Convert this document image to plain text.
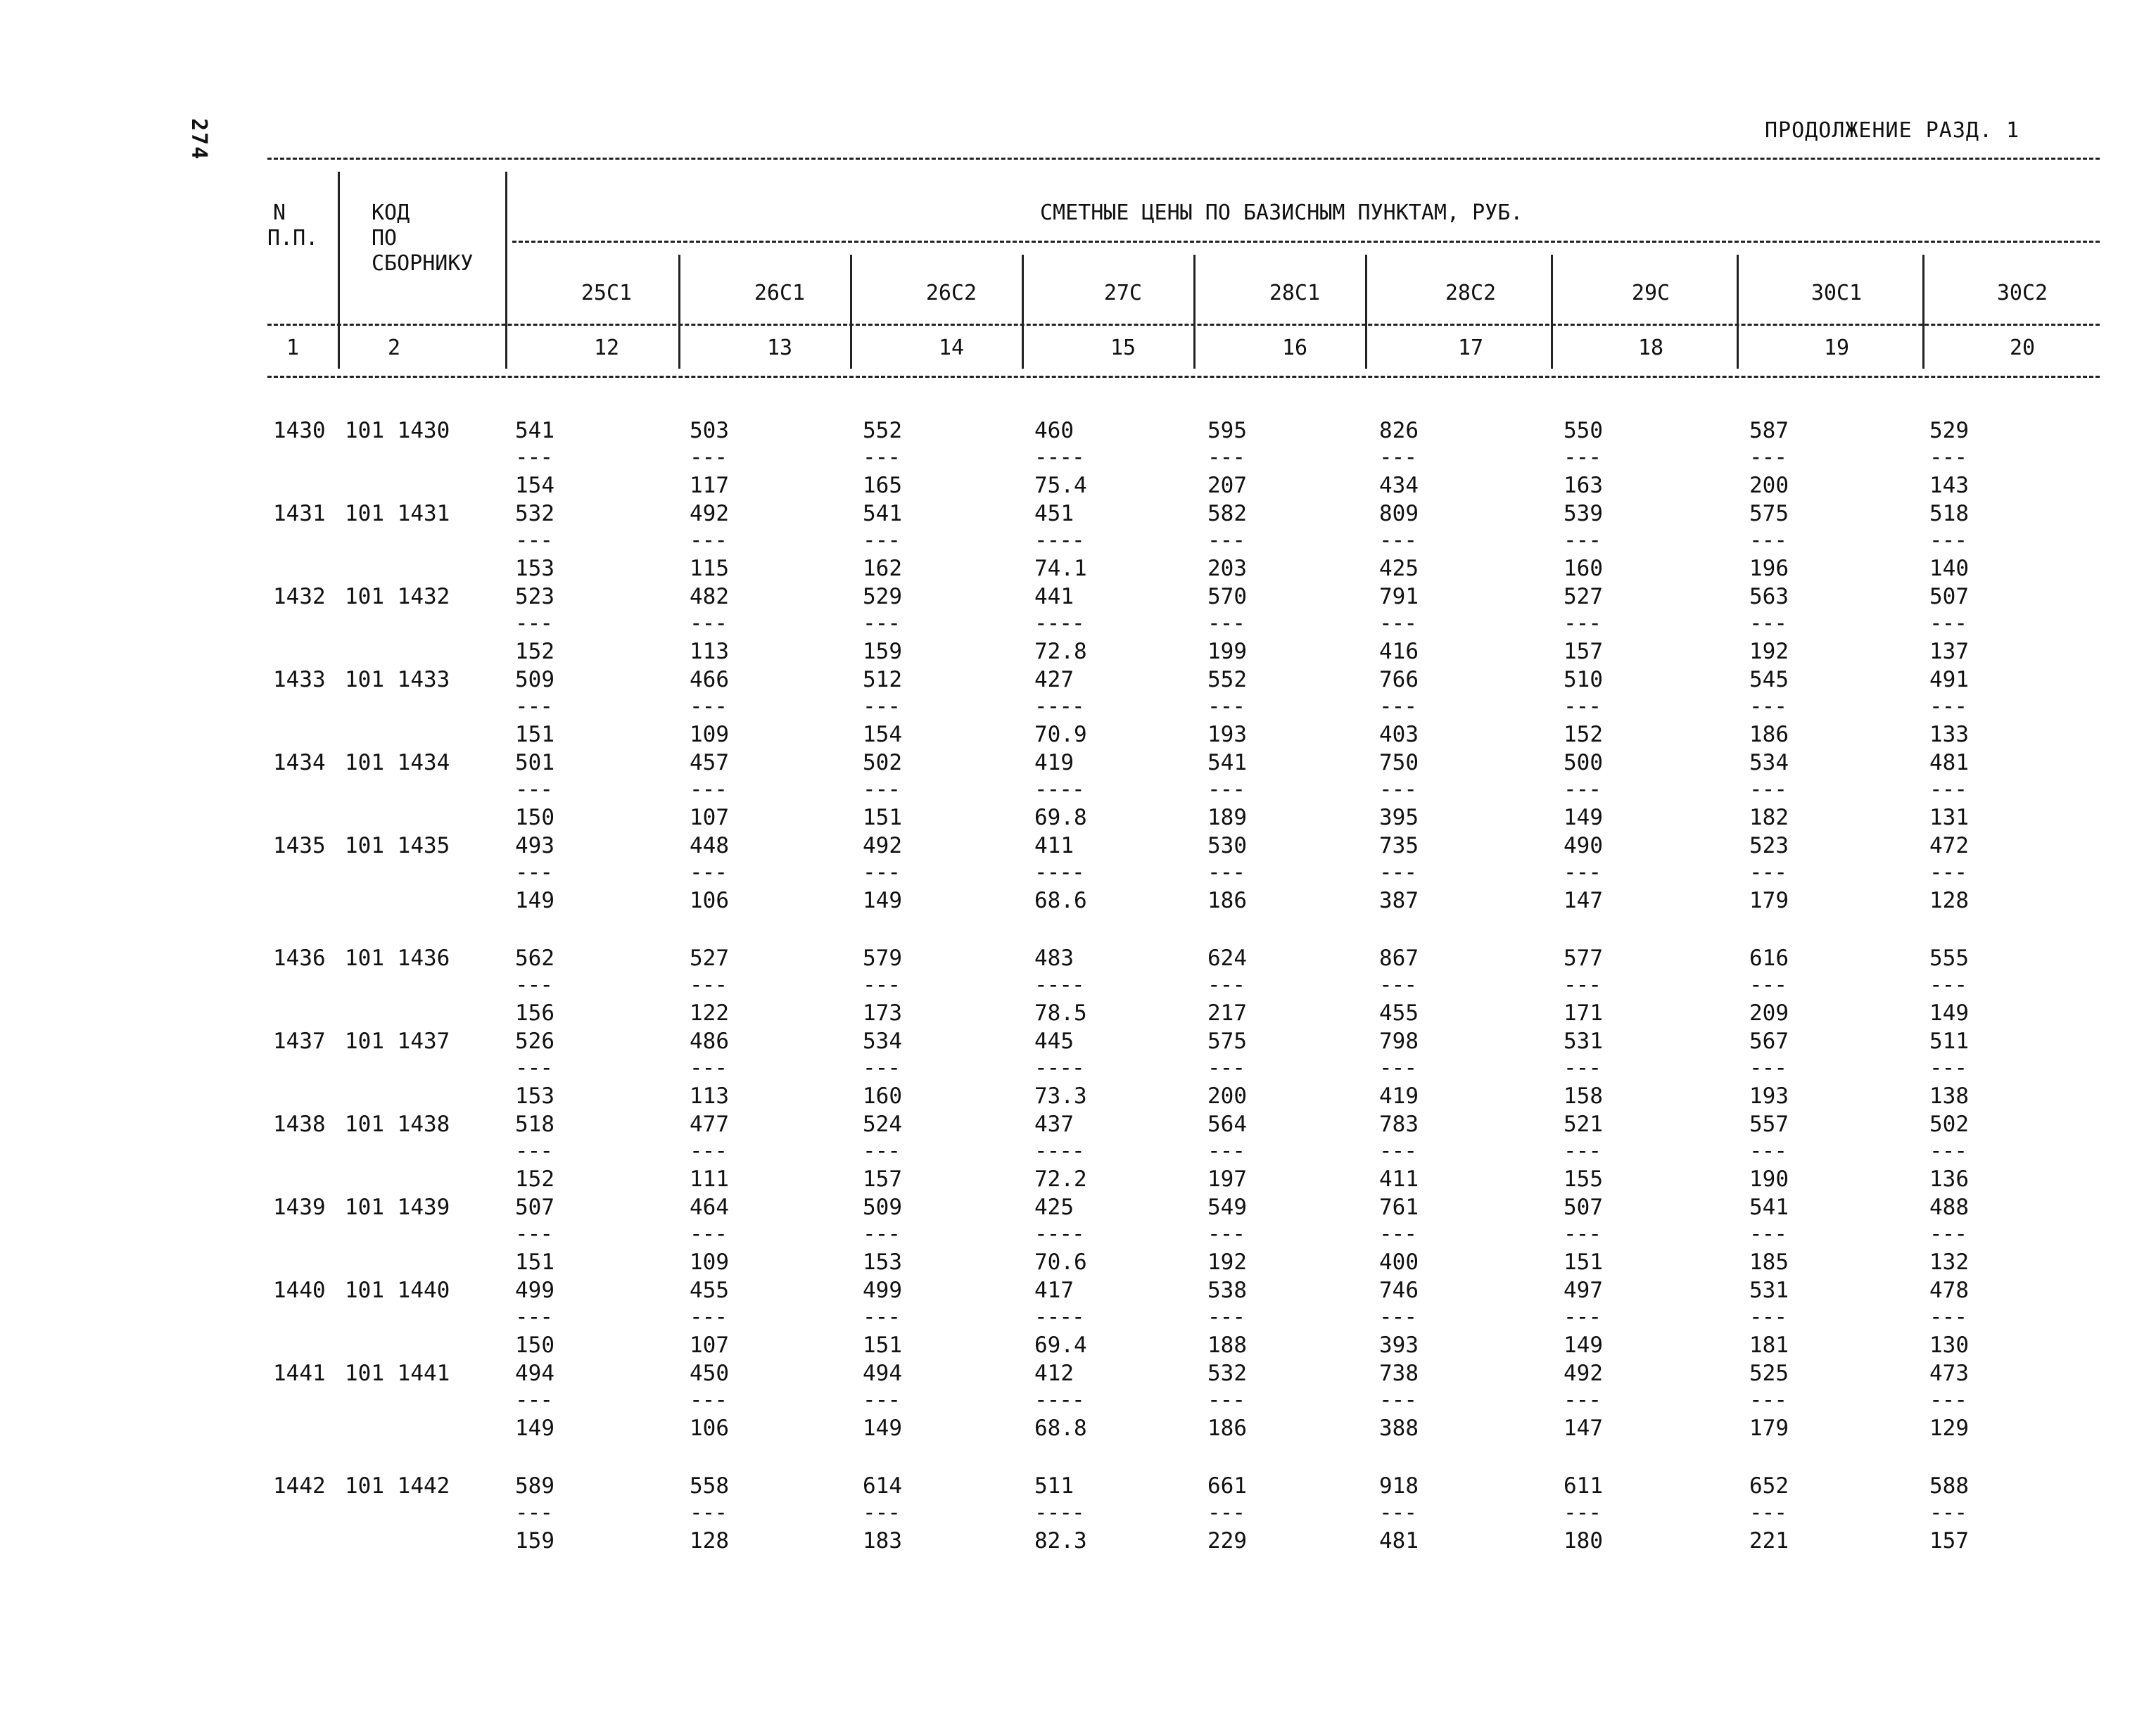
274	ПРОДОЛЖЕНИЕ РАЗД. 1
N
П.П.
КОД
ПО
СБОРНИКУ
СМЕТНЫЕ ЦЕНЫ ПО БАЗИСНЫМ ПУНКТАМ, РУБ.
25С1	26С1	26С2	27С	28С1	28С2	29С	30С1	30С2
1	2	12	13	14	15	16	17	18	19	20
1430 101 1430	541	503	552	460	595	826	550	587	529
---	---	---	----	---	---	---	---	---
154	117	165	75.4	207	434	163	200	143
1431 101 1431	532	492	541	451	582	809	539	575	518
---	---	---	----	---	---	---	---	---
153	115	162	74.1	203	425	160	196	140
1432 101 1432	523	482	529	441	570	791	527	563	507
---	---	---	----	---	---	---	---	---
152	113	159	72.8	199	416	157	192	137
1433 101 1433	509	466	512	427	552	766	510	545	491
---	---	---	----	---	---	---	---	---
151	109	154	70.9	193	403	152	186	133
1434 101 1434	501	457	502	419	541	750	500	534	481
---	---	---	----	---	---	---	---	---
150	107	151	69.8	189	395	149	182	131
1435 101 1435	493	448	492	411	530	735	490	523	472
---	---	---	----	---	---	---	---	---
149	106	149	68.6	186	387	147	179	128
1436 101 1436	562	527	579	483	624	867	577	616	555
---	---	---	----	---	---	---	---	---
156	122	173	78.5	217	455	171	209	149
1437 101 1437	526	486	534	445	575	798	531	567	511
---	---	---	----	---	---	---	---	---
153	113	160	73.3	200	419	158	193	138
1438 101 1438	518	477	524	437	564	783	521	557	502
---	---	---	----	---	---	---	---	---
152	111	157	72.2	197	411	155	190	136
1439 101 1439	507	464	509	425	549	761	507	541	488
---	---	---	----	---	---	---	---	---
151	109	153	70.6	192	400	151	185	132
1440 101 1440	499	455	499	417	538	746	497	531	478
---	---	---	----	---	---	---	---	---
150	107	151	69.4	188	393	149	181	130
1441 101 1441	494	450	494	412	532	738	492	525	473
---	---	---	----	---	---	---	---	---
149	106	149	68.8	186	388	147	179	129
1442 101 1442	589	558	614	511	661	918	611	652	588
---	---	---	----	---	---	---	---	---
159	128	183	82.3	229	481	180	221	157
